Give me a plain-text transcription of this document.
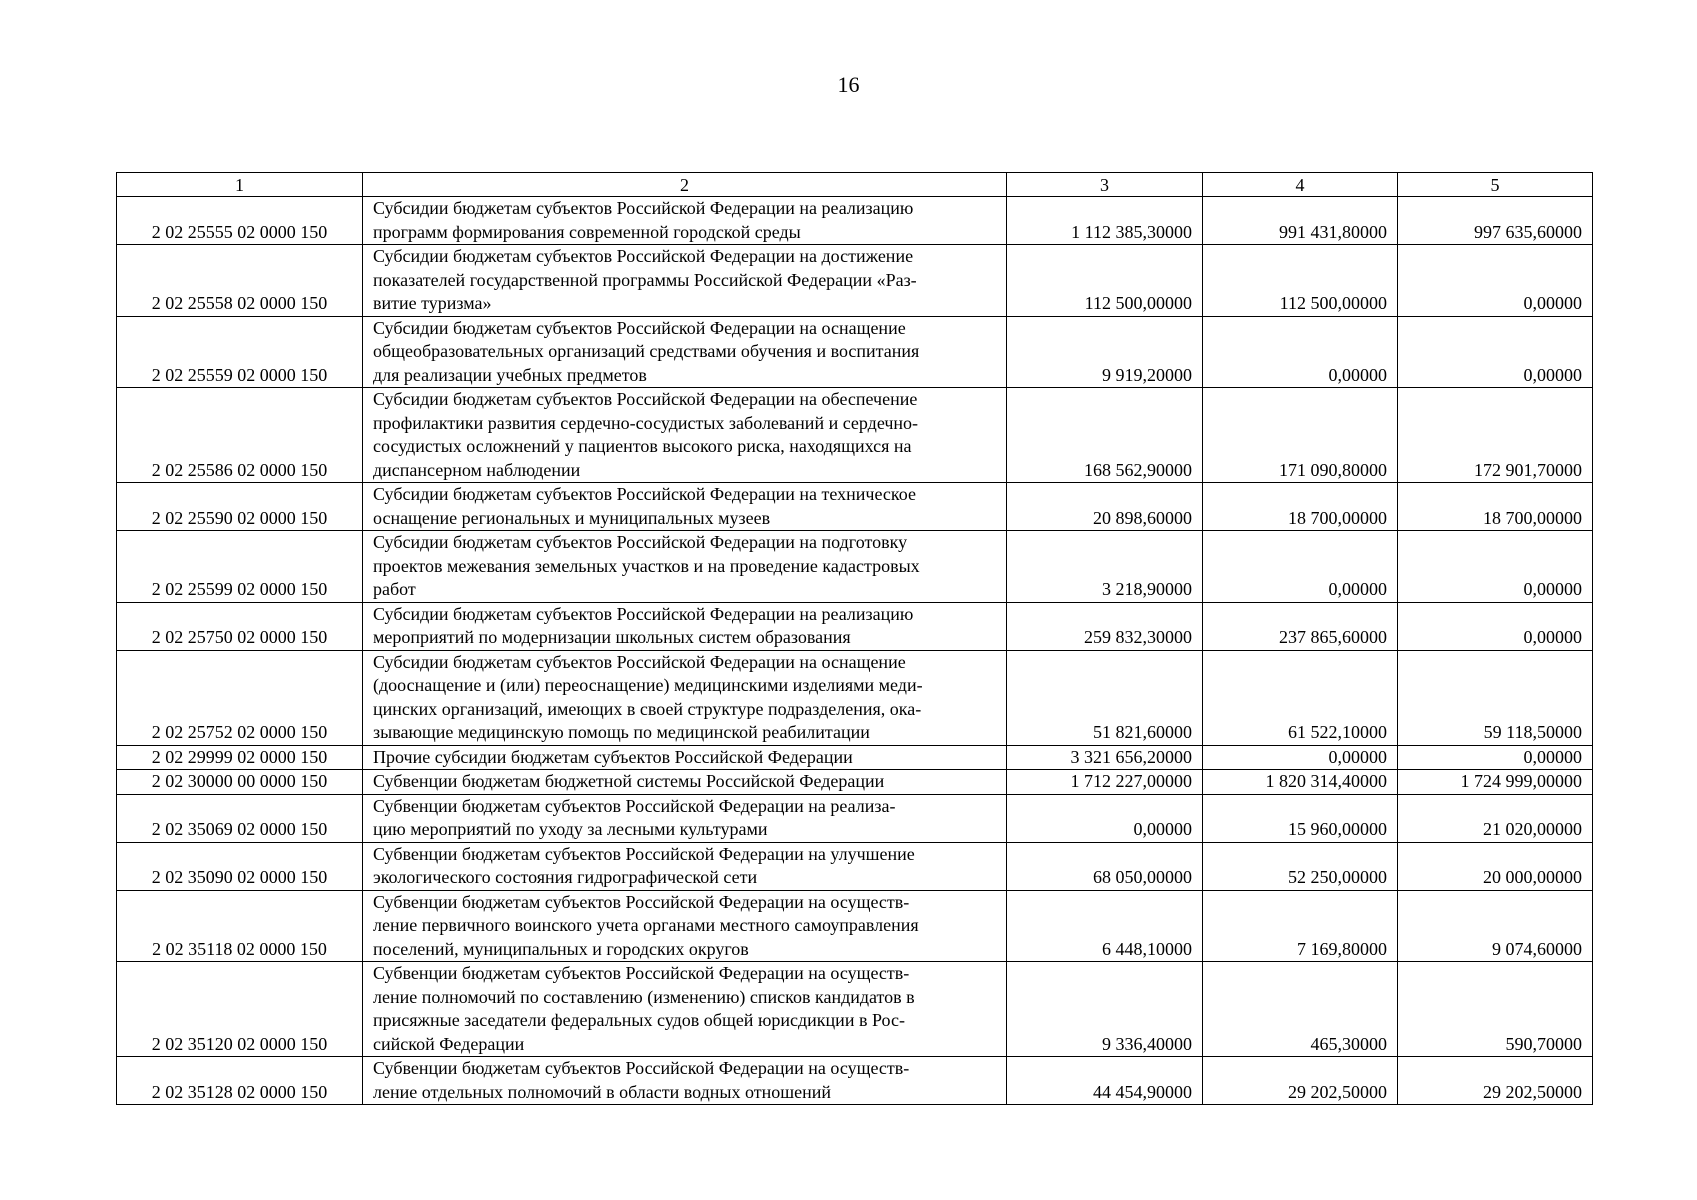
16
1	2	3	4	5
2 02 25555 02 0000 150	Субсидии бюджетам субъектов Российской Федерации на реализацию
программ формирования современной городской среды	1 112 385,30000	991 431,80000	997 635,60000
2 02 25558 02 0000 150	Субсидии бюджетам субъектов Российской Федерации на достижение
показателей государственной программы Российской Федерации «Раз-
витие туризма»	112 500,00000	112 500,00000	0,00000
2 02 25559 02 0000 150	Субсидии бюджетам субъектов Российской Федерации на оснащение
общеобразовательных организаций средствами обучения и воспитания
для реализации учебных предметов	9 919,20000	0,00000	0,00000
2 02 25586 02 0000 150	Субсидии бюджетам субъектов Российской Федерации на обеспечение
профилактики развития сердечно-сосудистых заболеваний и сердечно-
сосудистых осложнений у пациентов высокого риска, находящихся на
диспансерном наблюдении	168 562,90000	171 090,80000	172 901,70000
2 02 25590 02 0000 150	Субсидии бюджетам субъектов Российской Федерации на техническое
оснащение региональных и муниципальных музеев	20 898,60000	18 700,00000	18 700,00000
2 02 25599 02 0000 150	Субсидии бюджетам субъектов Российской Федерации на подготовку
проектов межевания земельных участков и на проведение кадастровых
работ	3 218,90000	0,00000	0,00000
2 02 25750 02 0000 150	Субсидии бюджетам субъектов Российской Федерации на реализацию
мероприятий по модернизации школьных систем образования	259 832,30000	237 865,60000	0,00000
2 02 25752 02 0000 150	Субсидии бюджетам субъектов Российской Федерации на оснащение
(дооснащение и (или) переоснащение) медицинскими изделиями меди-
цинских организаций, имеющих в своей структуре подразделения, ока-
зывающие медицинскую помощь по медицинской реабилитации	51 821,60000	61 522,10000	59 118,50000
2 02 29999 02 0000 150	Прочие субсидии бюджетам субъектов Российской Федерации	3 321 656,20000	0,00000	0,00000
2 02 30000 00 0000 150	Субвенции бюджетам бюджетной системы Российской Федерации	1 712 227,00000	1 820 314,40000	1 724 999,00000
2 02 35069 02 0000 150	Субвенции бюджетам субъектов Российской Федерации на реализа-
цию мероприятий по уходу за лесными культурами	0,00000	15 960,00000	21 020,00000
2 02 35090 02 0000 150	Субвенции бюджетам субъектов Российской Федерации на улучшение
экологического состояния гидрографической сети	68 050,00000	52 250,00000	20 000,00000
2 02 35118 02 0000 150	Субвенции бюджетам субъектов Российской Федерации на осуществ-
ление первичного воинского учета органами местного самоуправления
поселений, муниципальных и городских округов	6 448,10000	7 169,80000	9 074,60000
2 02 35120 02 0000 150	Субвенции бюджетам субъектов Российской Федерации на осуществ-
ление полномочий по составлению (изменению) списков кандидатов в
присяжные заседатели федеральных судов общей юрисдикции в Рос-
сийской Федерации	9 336,40000	465,30000	590,70000
2 02 35128 02 0000 150	Субвенции бюджетам субъектов Российской Федерации на осуществ-
ление отдельных полномочий в области водных отношений	44 454,90000	29 202,50000	29 202,50000
